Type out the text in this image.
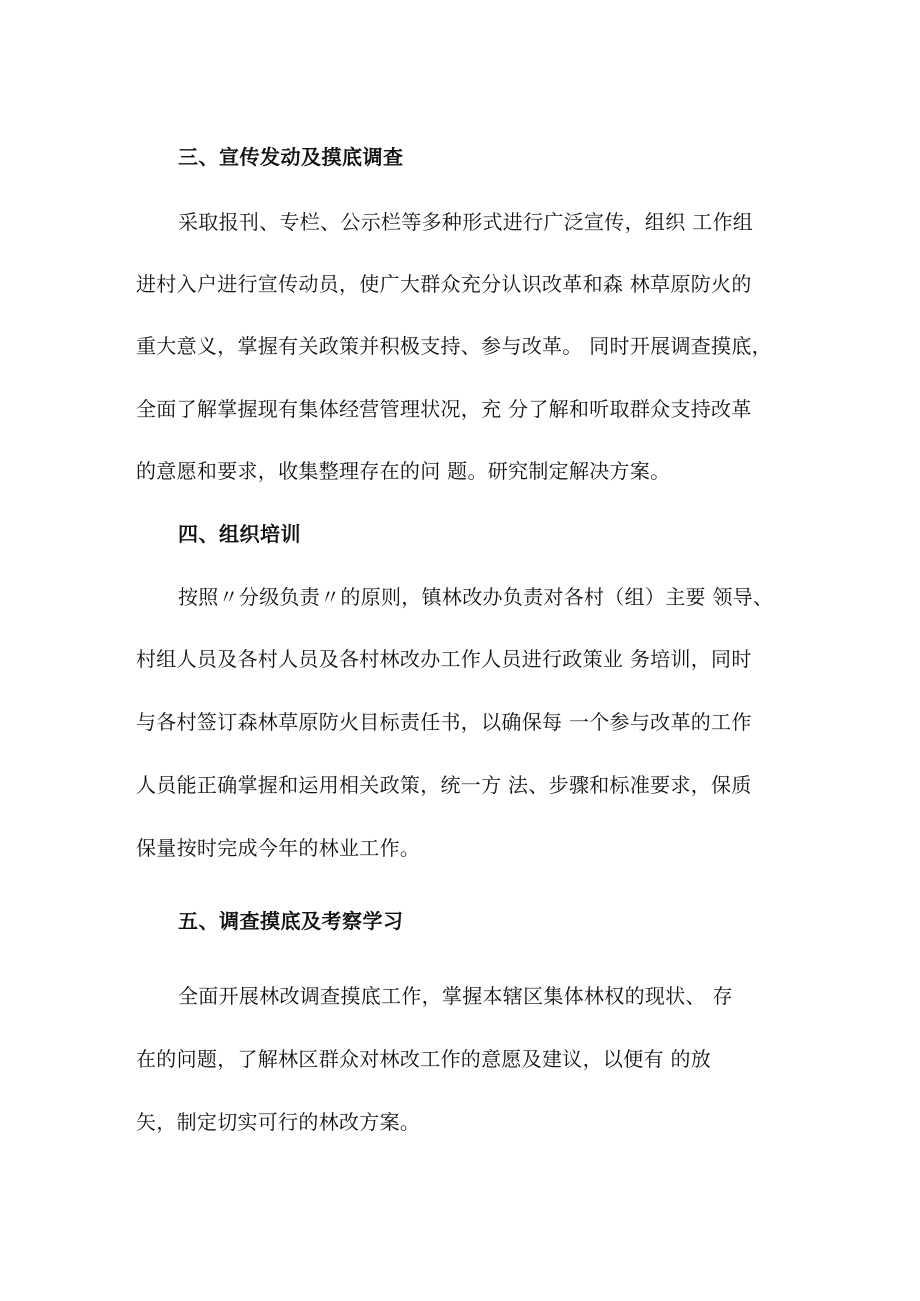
三、宣传发动及摸底调查
采取报刊、专栏、公示栏等多种形式进行广泛宣传，组织 工作组
进村入户进行宣传动员，使广大群众充分认识改革和森 林草原防火的
重大意义，掌握有关政策并积极支持、参与改革。 同时开展调查摸底，
全面了解掌握现有集体经营管理状况，充 分了解和听取群众支持改革
的意愿和要求，收集整理存在的问 题。研究制定解决方案。
四、组织培训
按照〃分级负责〃的原则，镇林改办负责对各村（组）主要 领导、
村组人员及各村人员及各村林改办工作人员进行政策业 务培训，同时
与各村签订森林草原防火目标责任书，以确保每 一个参与改革的工作
人员能正确掌握和运用相关政策，统一方 法、步骤和标准要求，保质
保量按时完成今年的林业工作。
五、调查摸底及考察学习
全面开展林改调查摸底工作，掌握本辖区集体林权的现状、 存
在的问题，了解林区群众对林改工作的意愿及建议，以便有 的放
矢，制定切实可行的林改方案。
